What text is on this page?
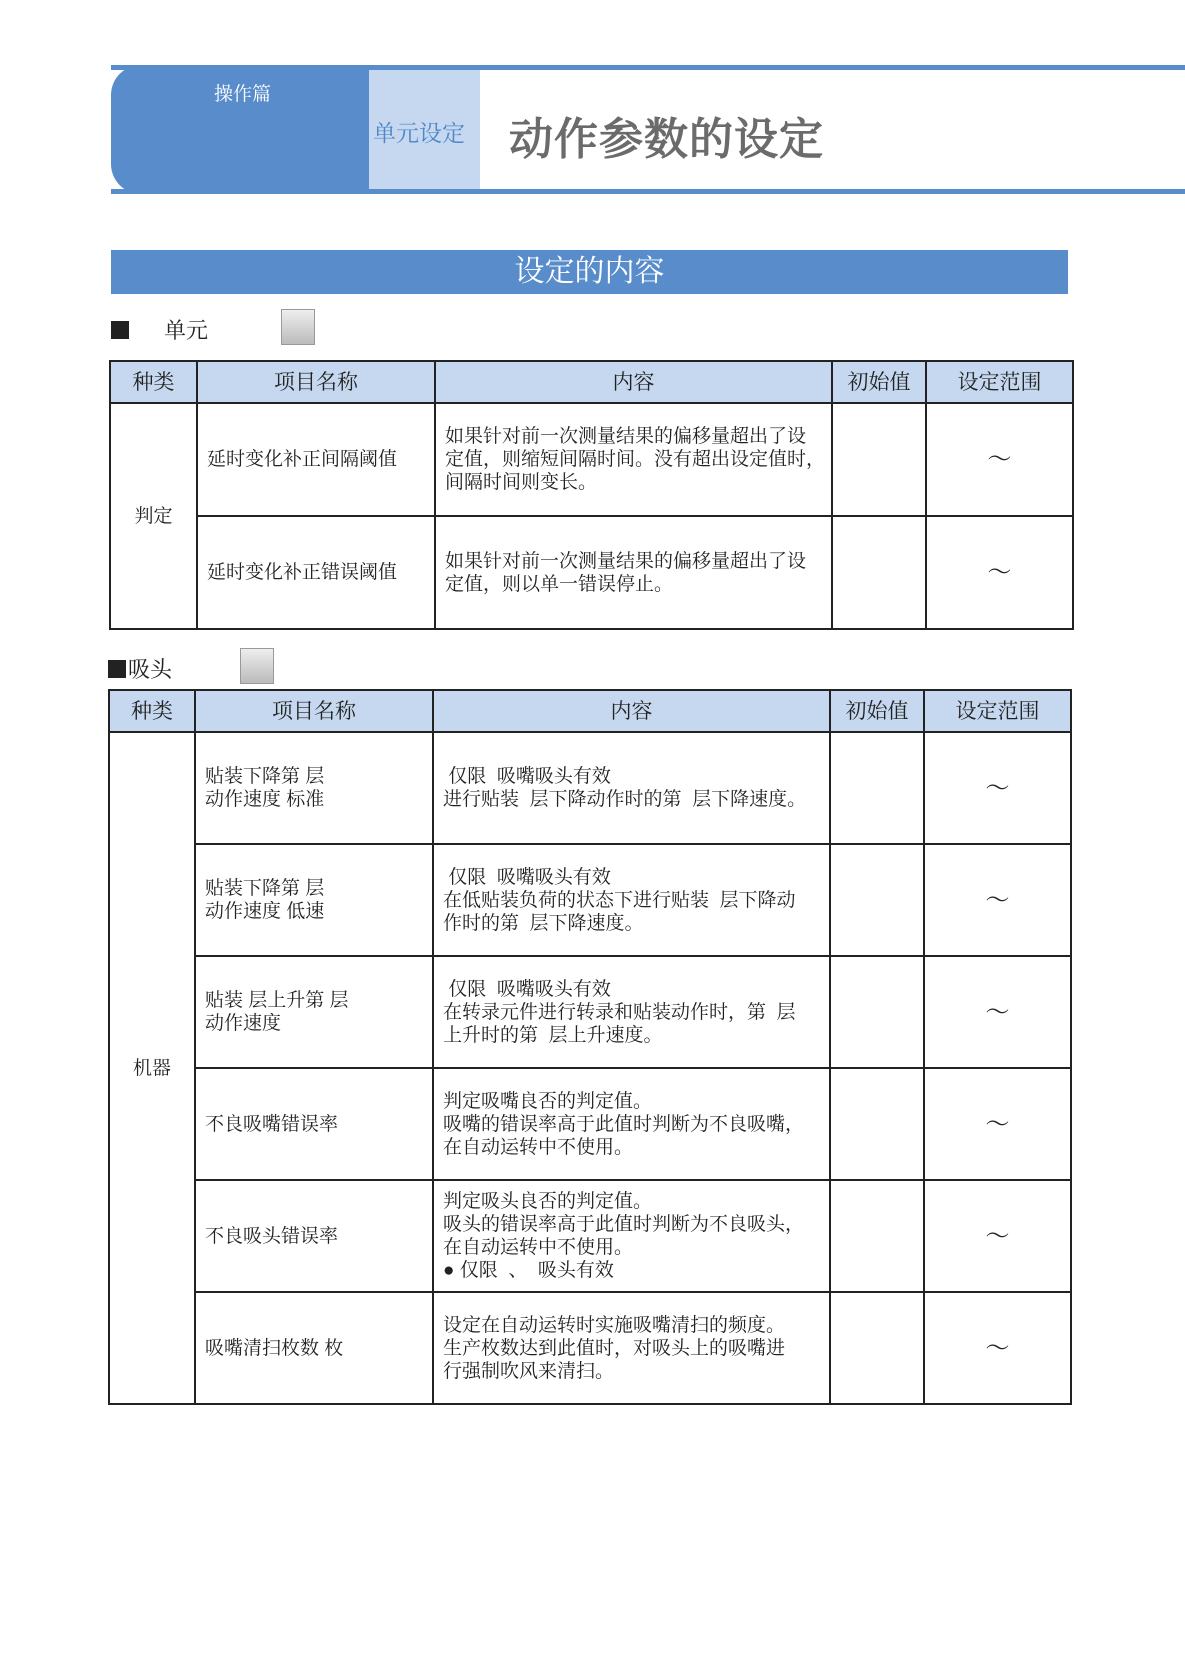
操作篇
单元设定 动作参数的设定
设定的内容
单元
种类	项目名称	内容	初始值	设定范围
判定	延时变化补正间隔阈值	如果针对前一次测量结果的偏移量超出了设
定值，则缩短间隔时间。没有超出设定值时，
间隔时间则变长。		～

	延时变化补正错误阈值	如果针对前一次测量结果的偏移量超出了设
定值，则以单一错误停止。		～
吸头
种类	项目名称	内容	初始值	设定范围
机器	贴装下降第 层
动作速度 标准	仅限  吸嘴吸头有效
进行贴装  层下降动作时的第  层下降速度。		～

	贴装下降第 层
动作速度 低速	仅限  吸嘴吸头有效
在低贴装负荷的状态下进行贴装  层下降动
作时的第  层下降速度。		～

	贴装 层上升第 层
动作速度	仅限  吸嘴吸头有效
在转录元件进行转录和贴装动作时，第  层
上升时的第  层上升速度。		～

	不良吸嘴错误率	判定吸嘴良否的判定值。
吸嘴的错误率高于此值时判断为不良吸嘴，
在自动运转中不使用。		～

	不良吸头错误率	判定吸头良否的判定值。
吸头的错误率高于此值时判断为不良吸头，
在自动运转中不使用。
● 仅限  、  吸头有效		～

	吸嘴清扫枚数 枚	设定在自动运转时实施吸嘴清扫的频度。
生产枚数达到此值时，对吸头上的吸嘴进
行强制吹风来清扫。		～
